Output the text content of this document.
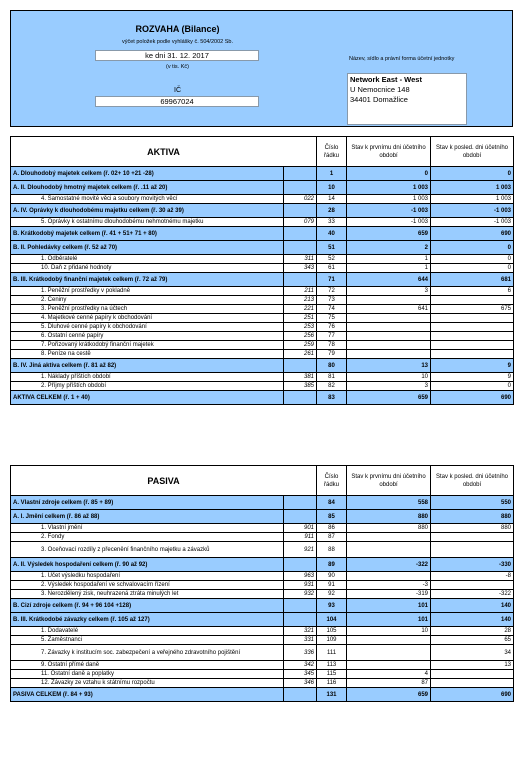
ROZVAHA (Bilance)
výčet položek podle vyhlášky č. 504/2002 Sb.
ke dni 31. 12. 2017
(v tis. Kč)
IČ
69967024
Název, sídlo a právní forma účetní jednotky
Network East - West
U Nemocnice 148
34401 Domažlice
AKTIVA		Číslo řádku	Stav k prvnímu dni účetního období	Stav k posled. dni účetního období
A. Dlouhodobý majetek celkem (ř. 02+ 10 +21 -28)		1	0	0
A. II. Dlouhodobý hmotný majetek celkem (ř. .11 až 20)		10	1 003	1 003
4. Samostatné movité věci a soubory movitých věcí	022	14	1 003	1 003
A. IV. Oprávky k dlouhodobému majetku celkem (ř. 30 až 39)		28	-1 003	-1 003
5. Oprávky k ostatnímu dlouhodobému nehmotnému majetku	079	33	-1 003	-1 003
B. Krátkodobý majetek celkem (ř. 41 + 51+ 71 + 80)		40	659	690
B. II. Pohledávky celkem (ř. 52 až 70)		51	2	0
1. Odběratelé	311	52	1	0
10. Daň z přidané hodnoty	343	61	1	0
B. III. Krátkodobý finanční majetek celkem (ř. 72 až 79)		71	644	681
1. Peněžní prostředky v pokladně	211	72	3	6
2. Ceniny	213	73		
3. Peněžní prostředky na účtech	221	74	641	675
4. Majetkové cenné papíry k obchodování	251	75		
5. Dluhové cenné papíry k obchodování	253	76		
6. Ostatní cenné papíry	256	77		
7. Pořizovaný krátkodobý finanční majetek	259	78		
8. Peníze na cestě	261	79		
B. IV. Jiná aktiva celkem (ř. 81 až 82)		80	13	9
1. Náklady příštích období	381	81	10	9
2. Příjmy příštích období	385	82	3	0
AKTIVA CELKEM (ř. 1 + 40)		83	659	690
PASIVA		Číslo řádku	Stav k prvnímu dni účetního období	Stav k posled. dni účetního období
A. Vlastní zdroje celkem (ř. 85 + 89)		84	558	550
A. I. Jmění celkem (ř. 86 až 88)		85	880	880
1. Vlastní jmění	901	86	880	880
2. Fondy	911	87		
3. Oceňovací rozdíly z přecenění finančního majetku a závazků	921	88		
A. II. Výsledek hospodaření celkem (ř. 90 až 92)		89	-322	-330
1. Účet výsledku hospodaření	963	90		-8
2. Výsledek hospodaření ve schvalovacím řízení	931	91	-3	
3. Nerozdělený zisk, neuhrazená ztráta minulých let	932	92	-319	-322
B. Cizí zdroje celkem (ř. 94 + 96 104 +128)		93	101	140
B. III. Krátkodobé závazky celkem (ř. 105 až 127)		104	101	140
1. Dodavatelé	321	105	10	28
5. Zaměstnanci	331	109		65
7. Závazky k institucím soc. zabezpečení a veřejného zdravotního pojištění	336	111		34
9. Ostatní přímé daně	342	113		13
11. Ostatní daně a poplatky	345	115	4	
12. Závazky ze vztahu k státnímu rozpočtu	346	116	87	
PASIVA CELKEM (ř. 84 + 93)		131	659	690
